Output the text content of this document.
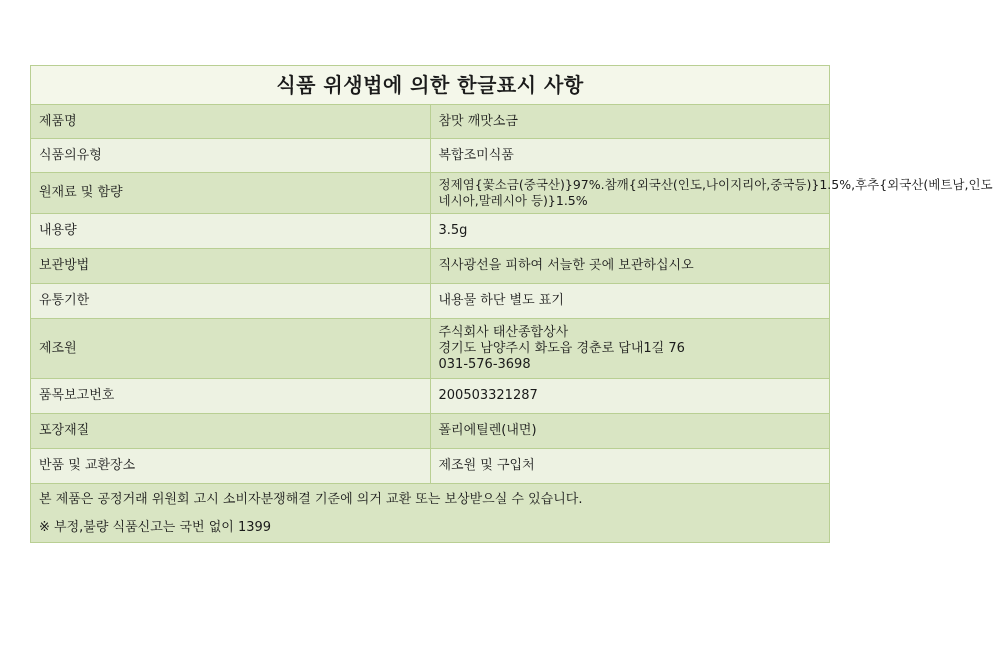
식품 위생법에 의한 한글표시 사항	
제품명	참맛 깨맛소금

식품의유형	복합조미식품

원재료 및 함량	정제염{꽃소금(중국산)}97%.참깨{외국산(인도,나이지리아,중국등)}1.5%,후추{외국산(베트남,인도
네시아,말레시아 등)}1.5%

내용량	3.5g

보관방법	직사광선을 피하여 서늘한 곳에 보관하십시오

유통기한	내용물 하단 별도 표기

제조원	주식회사 태산종합상사
경기도 남양주시 화도읍 경춘로 답내1길 76
031-576-3698

품목보고번호	200503321287

포장재질	폴리에틸렌(내면)

반품 및 교환장소	제조원 및 구입처

본 제품은 공정거래 위원회 고시 소비자분쟁해결 기준에 의거 교환 또는 보상받으실 수 있습니다.
※ 부정,불량 식품신고는 국번 없이 1399	
